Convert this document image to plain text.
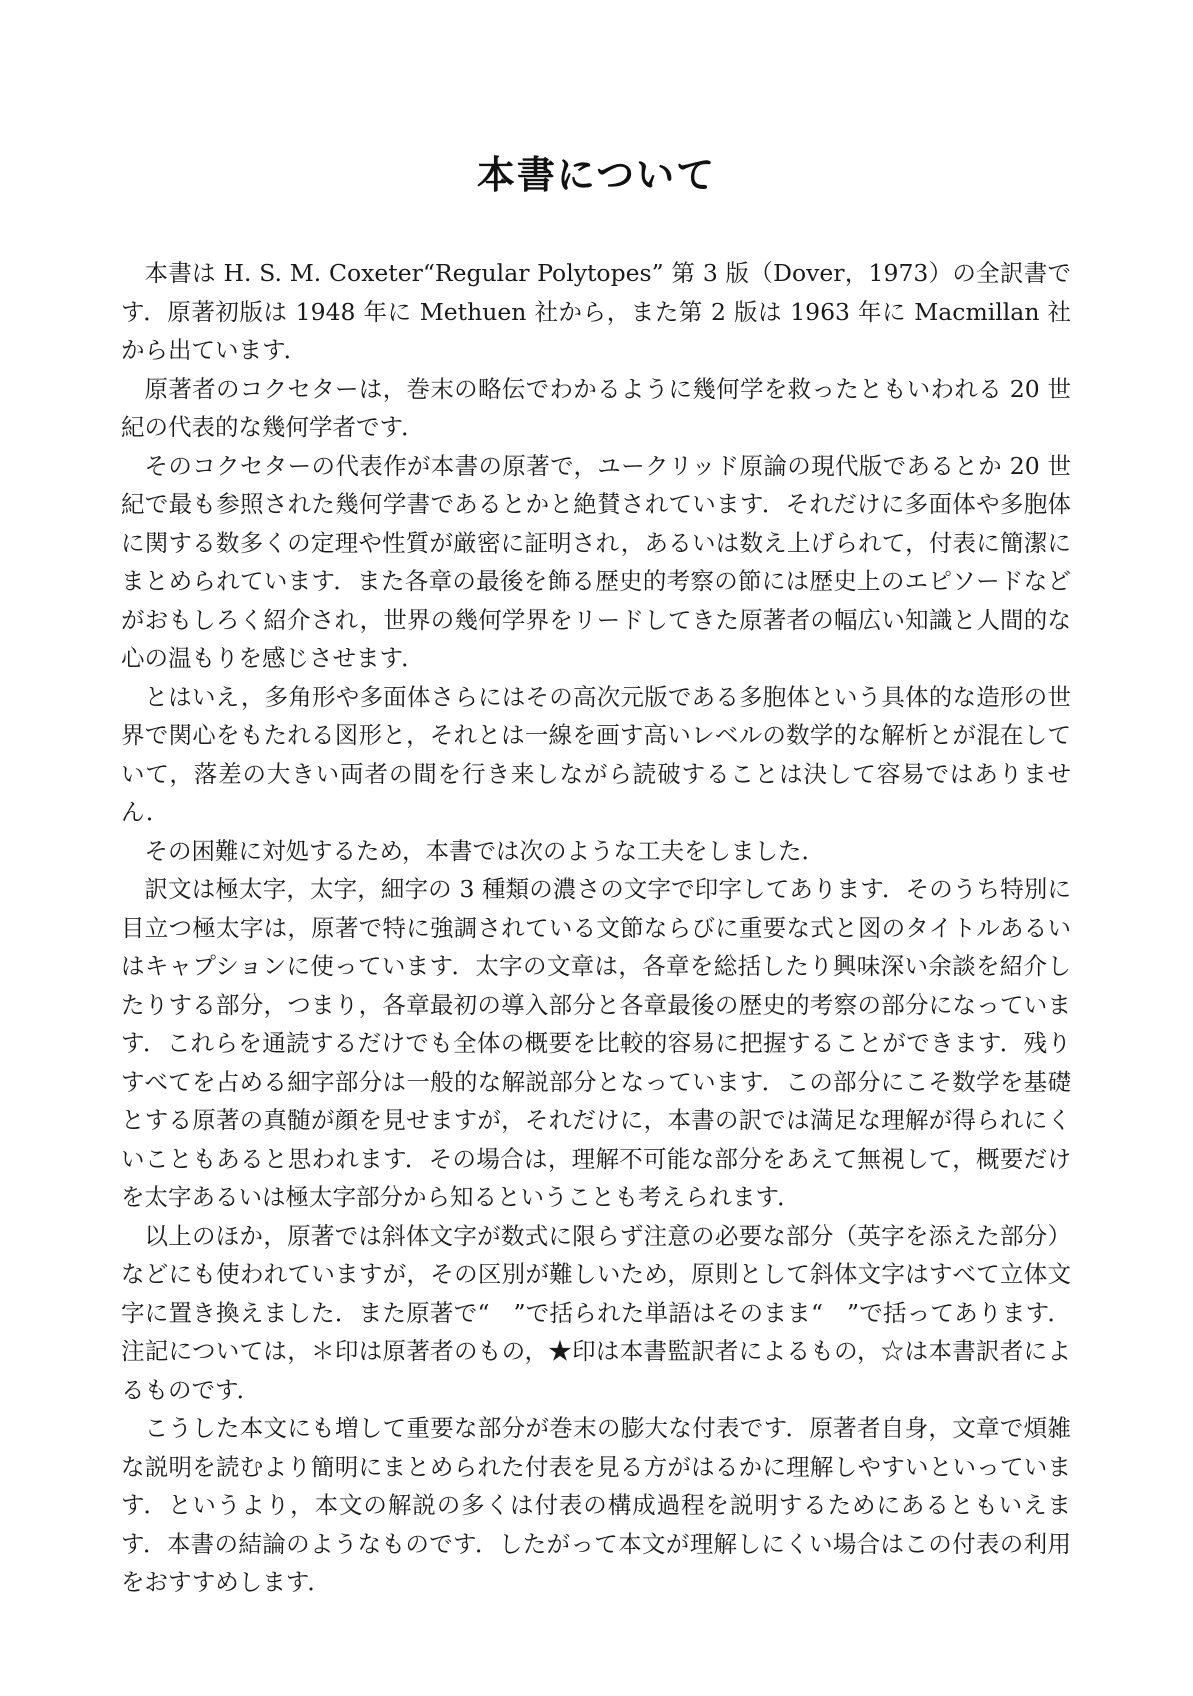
本書について

本書は H. S. M. Coxeter“Regular Polytopes” 第 3 版（Dover，1973）の全訳書です．原著初版は 1948 年に Methuen 社から，また第 2 版は 1963 年に Macmillan 社から出ています．

原著者のコクセターは，巻末の略伝でわかるように幾何学を救ったともいわれる 20 世紀の代表的な幾何学者です．

そのコクセターの代表作が本書の原著で，ユークリッド原論の現代版であるとか 20 世紀で最も参照された幾何学書であるとかと絶賛されています．それだけに多面体や多胞体に関する数多くの定理や性質が厳密に証明され，あるいは数え上げられて，付表に簡潔にまとめられています．また各章の最後を飾る歴史的考察の節には歴史上のエピソードなどがおもしろく紹介され，世界の幾何学界をリードしてきた原著者の幅広い知識と人間的な心の温もりを感じさせます．

とはいえ，多角形や多面体さらにはその高次元版である多胞体という具体的な造形の世界で関心をもたれる図形と，それとは一線を画す高いレベルの数学的な解析とが混在していて，落差の大きい両者の間を行き来しながら読破することは決して容易ではありません．

その困難に対処するため，本書では次のような工夫をしました．

訳文は極太字，太字，細字の 3 種類の濃さの文字で印字してあります．そのうち特別に目立つ極太字は，原著で特に強調されている文節ならびに重要な式と図のタイトルあるいはキャプションに使っています．太字の文章は，各章を総括したり興味深い余談を紹介したりする部分，つまり，各章最初の導入部分と各章最後の歴史的考察の部分になっています．これらを通読するだけでも全体の概要を比較的容易に把握することができます．残りすべてを占める細字部分は一般的な解説部分となっています．この部分にこそ数学を基礎とする原著の真髄が顔を見せますが，それだけに，本書の訳では満足な理解が得られにくいこともあると思われます．その場合は，理解不可能な部分をあえて無視して，概要だけを太字あるいは極太字部分から知るということも考えられます．

以上のほか，原著では斜体文字が数式に限らず注意の必要な部分（英字を添えた部分）などにも使われていますが，その区別が難しいため，原則として斜体文字はすべて立体文字に置き換えました．また原著で“　”で括られた単語はそのまま“　”で括ってあります．注記については，＊印は原著者のもの，★印は本書監訳者によるもの，☆は本書訳者によるものです．

こうした本文にも増して重要な部分が巻末の膨大な付表です．原著者自身，文章で煩雑な説明を読むより簡明にまとめられた付表を見る方がはるかに理解しやすいといっています．というより，本文の解説の多くは付表の構成過程を説明するためにあるともいえます．本書の結論のようなものです．したがって本文が理解しにくい場合はこの付表の利用をおすすめします．
